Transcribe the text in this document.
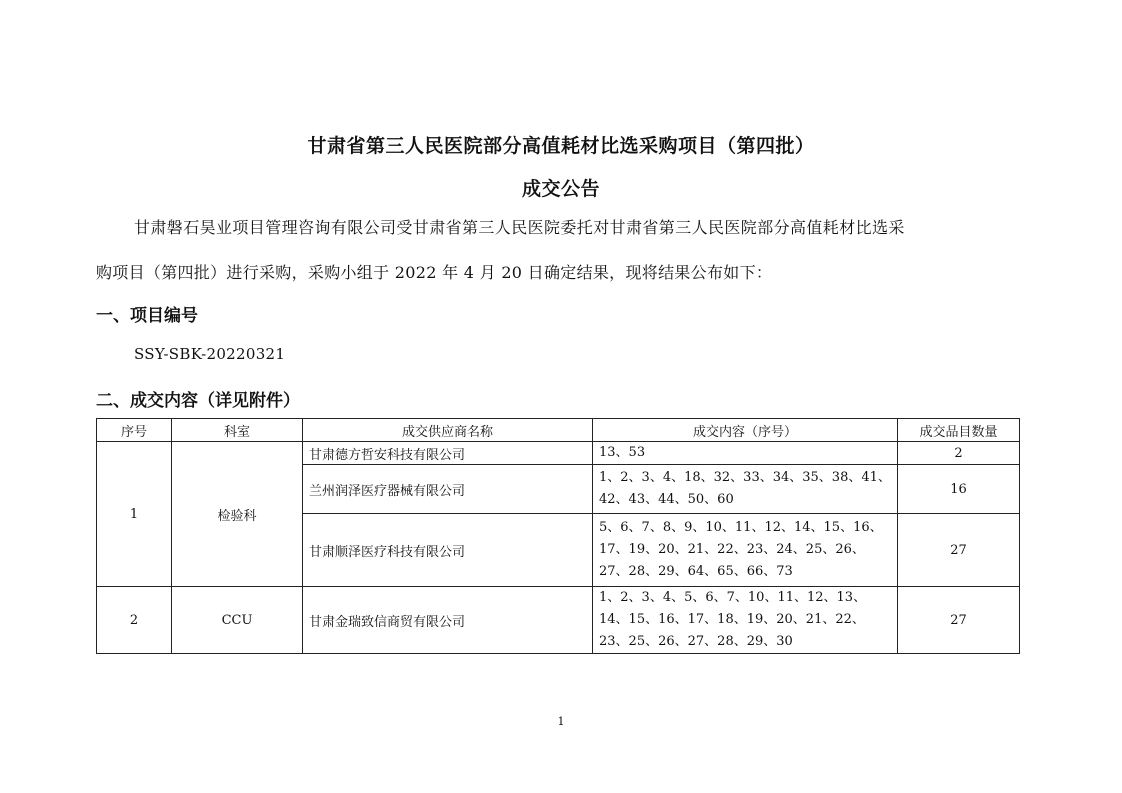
甘肃省第三人民医院部分高值耗材比选采购项目（第四批）
成交公告
甘肃磐石昊业项目管理咨询有限公司受甘肃省第三人民医院委托对甘肃省第三人民医院部分高值耗材比选采
购项目（第四批）进行采购，采购小组于 2022 年 4 月 20 日确定结果，现将结果公布如下：
一、项目编号
SSY-SBK-20220321
二、成交内容（详见附件）
序号	科室	成交供应商名称	成交内容（序号）	成交品目数量
1	检验科	甘肃德方哲安科技有限公司	13、53	2
		兰州润泽医疗器械有限公司	1、2、3、4、18、32、33、34、35、38、41、42、43、44、50、60	16
		甘肃顺泽医疗科技有限公司	5、6、7、8、9、10、11、12、14、15、16、17、19、20、21、22、23、24、25、26、27、28、29、64、65、66、73	27
2	CCU	甘肃金瑞致信商贸有限公司	1、2、3、4、5、6、7、10、11、12、13、14、15、16、17、18、19、20、21、22、23、25、26、27、28、29、30	27
1
